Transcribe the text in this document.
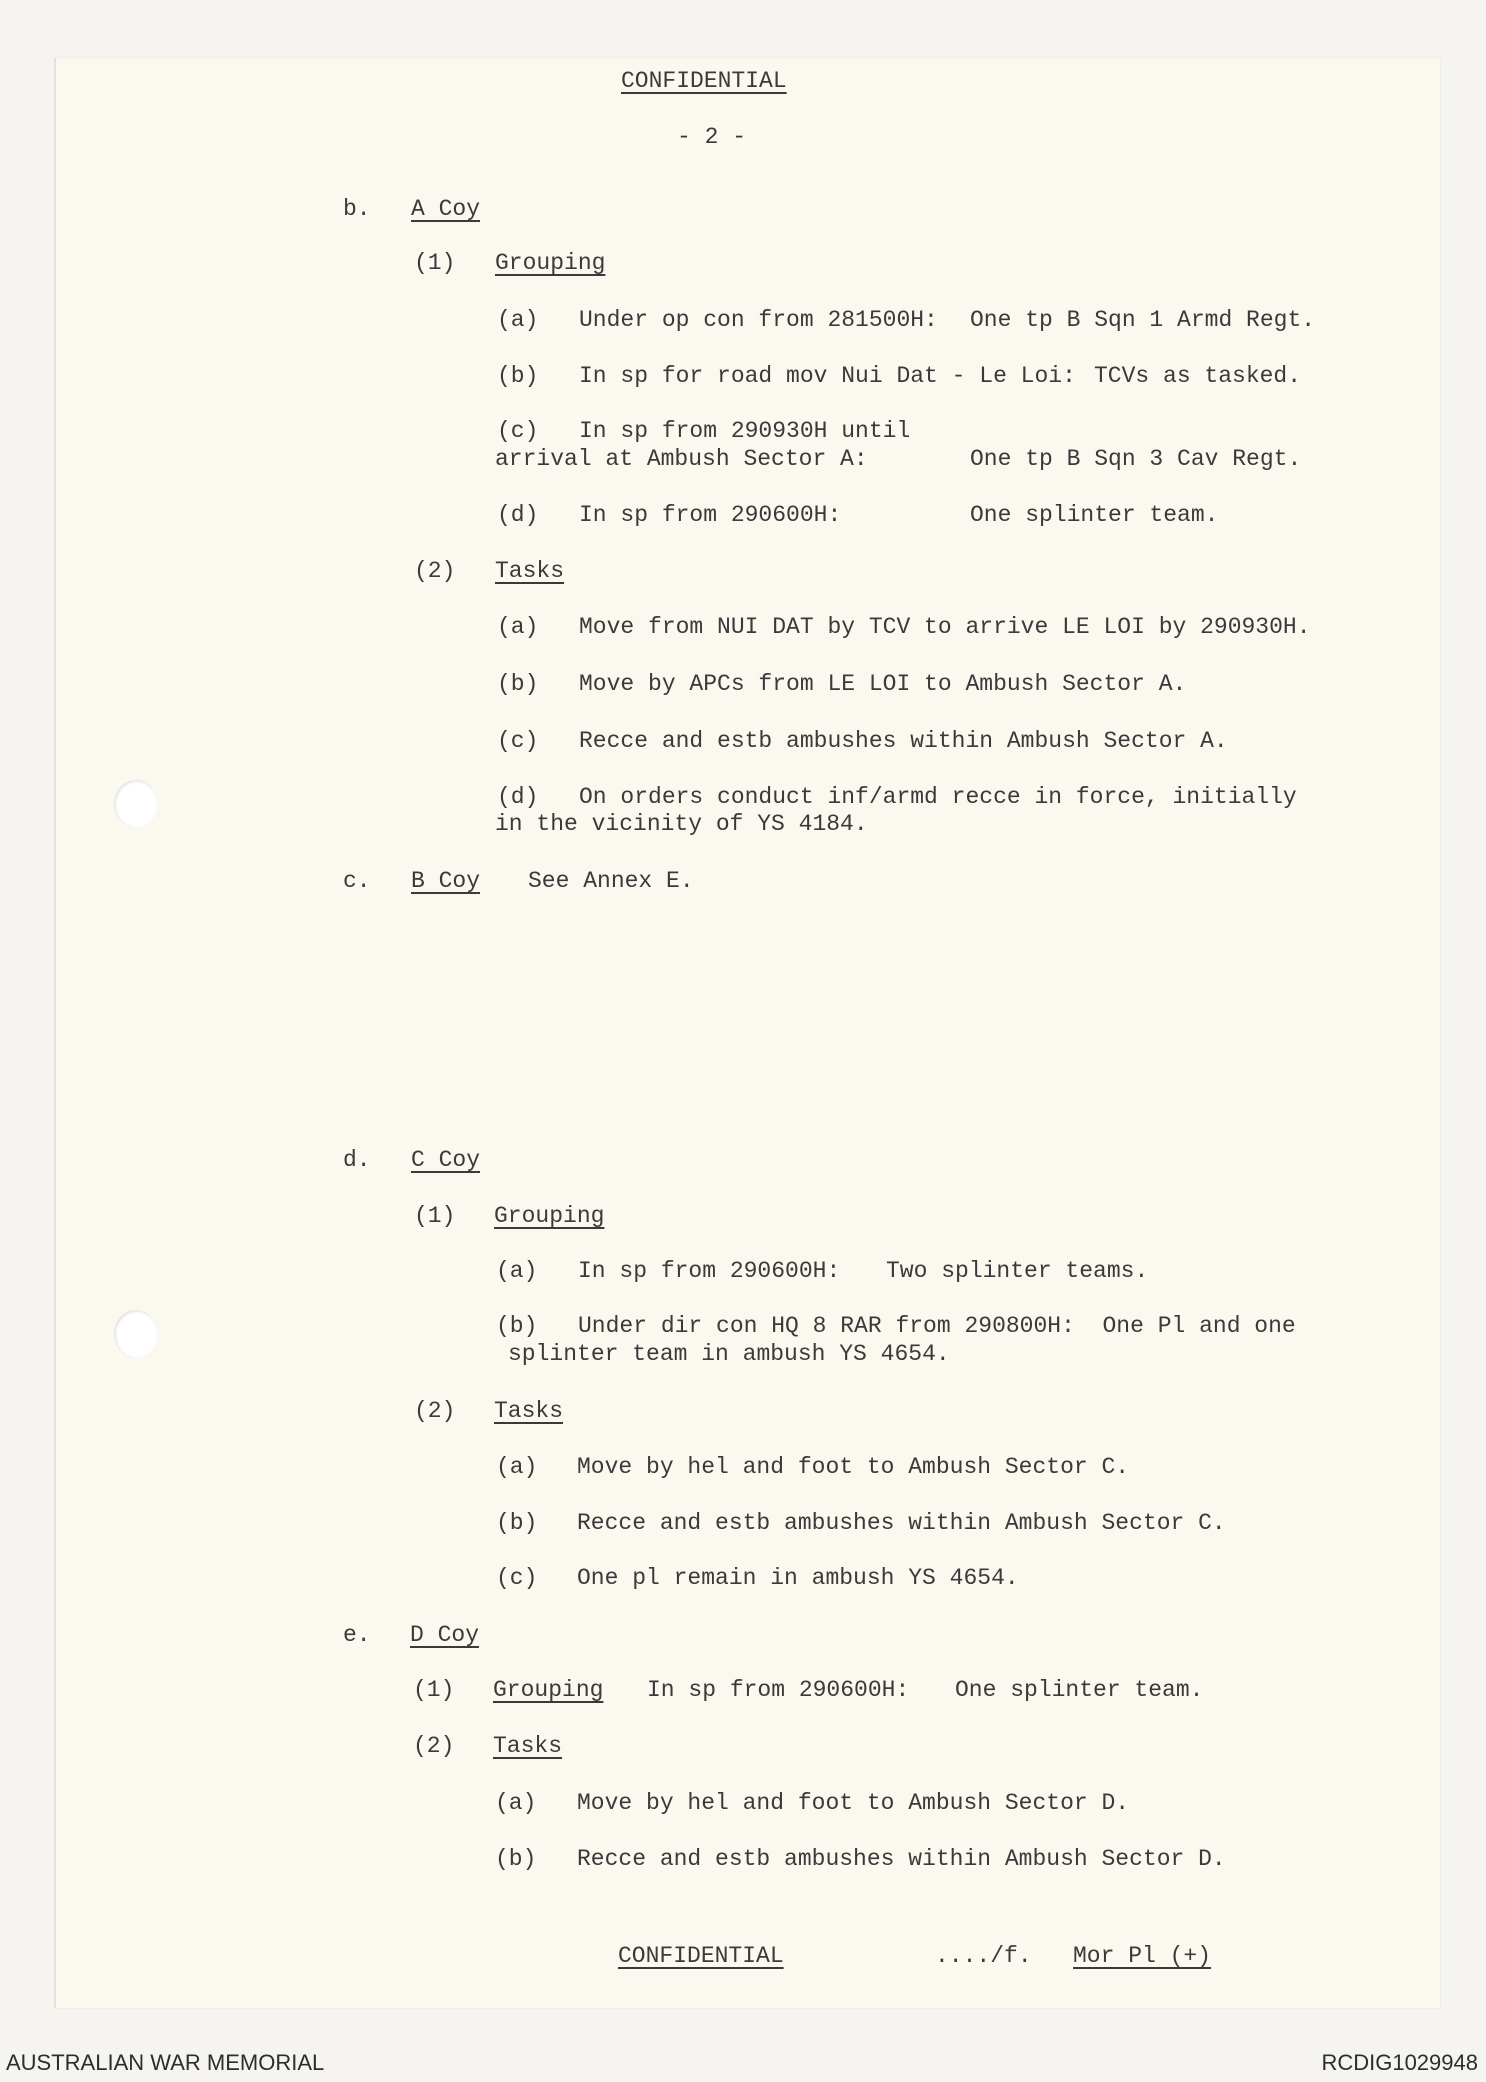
CONFIDENTIAL
- 2 -
b. A Coy
(1) Grouping
(a) Under op con from 281500H: One tp B Sqn 1 Armd Regt.
(b) In sp for road mov Nui Dat - Le Loi: TCVs as tasked.
(c) In sp from 290930H until
arrival at Ambush Sector A:	One tp B Sqn 3 Cav Regt.
(d) In sp from 290600H:	One splinter team.
(2) Tasks
(a) Move from NUI DAT by TCV to arrive LE LOI by 290930H.
(b) Move by APCs from LE LOI to Ambush Sector A.
(c) Recce and estb ambushes within Ambush Sector A.
(d) On orders conduct inf/armd recce in force, initially
in the vicinity of YS 4184.
c. B Coy See Annex E.
d. C Coy
(1) Grouping
(a) In sp from 290600H: Two splinter teams.
(b) Under dir con HQ 8 RAR from 290800H:  One Pl and one
splinter team in ambush YS 4654.
(2) Tasks
(a) Move by hel and foot to Ambush Sector C.
(b) Recce and estb ambushes within Ambush Sector C.
(c) One pl remain in ambush YS 4654.
e. D Coy
(1) Grouping In sp from 290600H: One splinter team.
(2) Tasks
(a) Move by hel and foot to Ambush Sector D.
(b) Recce and estb ambushes within Ambush Sector D.
CONFIDENTIAL	..../f. Mor Pl (+)
AUSTRALIAN WAR MEMORIAL	RCDIG1029948
